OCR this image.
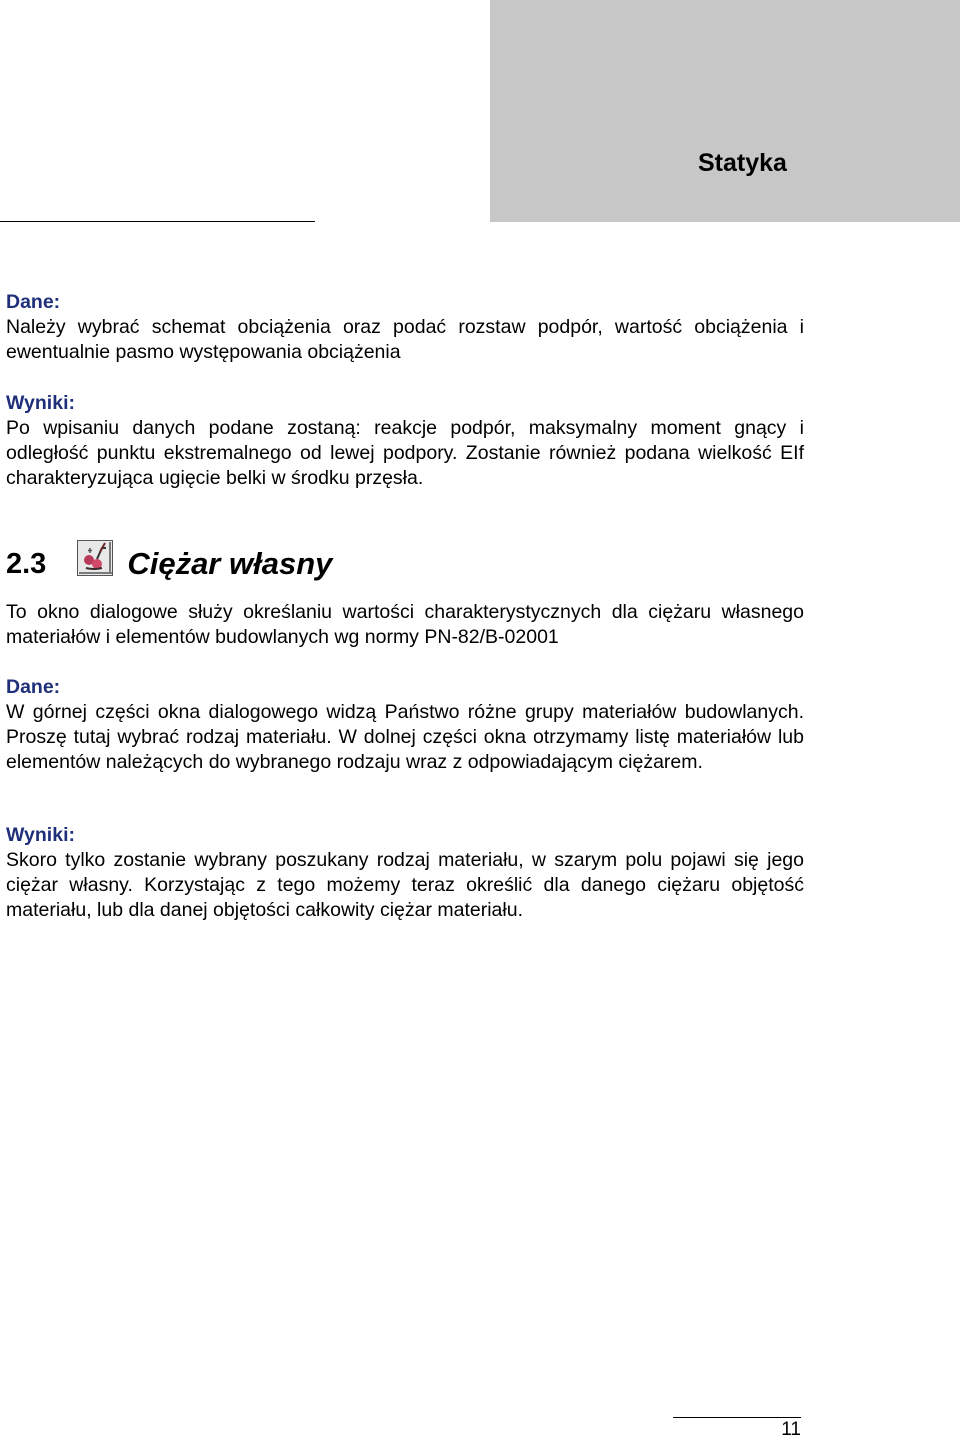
Statyka
Dane:

Należy wybrać schemat obciążenia oraz podać rozstaw podpór, wartość obciążenia i ewentualnie pasmo występowania obciążenia

Wyniki:

Po wpisaniu danych podane zostaną: reakcje podpór, maksymalny moment gnący i odległość punktu ekstremalnego od lewej podpory. Zostanie również podana wielkość EIf charakteryzująca ugięcie belki w środku przęsła.

2.3	Ciężar własny

To okno dialogowe służy określaniu wartości charakterystycznych dla ciężaru własnego materiałów i elementów budowlanych wg normy PN-82/B-02001

Dane:

W górnej części okna dialogowego widzą Państwo różne grupy materiałów budowlanych. Proszę tutaj wybrać rodzaj materiału. W dolnej części okna otrzymamy listę materiałów lub elementów należących do wybranego rodzaju wraz z odpowiadającym ciężarem.

Wyniki:

Skoro tylko zostanie wybrany poszukany rodzaj materiału, w szarym polu pojawi się jego ciężar własny. Korzystając z tego możemy teraz określić dla danego ciężaru objętość materiału, lub dla danej objętości całkowity ciężar materiału.

11
